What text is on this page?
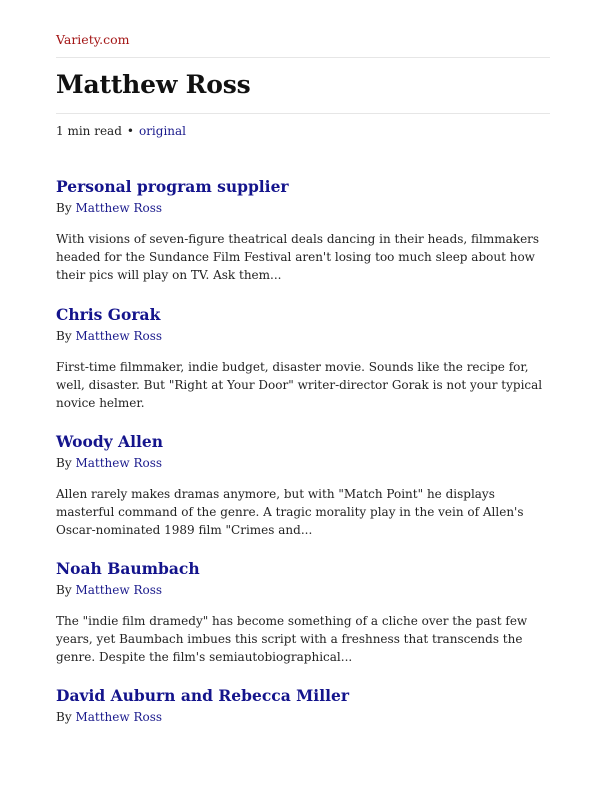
Variety.com
Matthew Ross
1 min read • original
Personal program supplier
By Matthew Ross
With visions of seven-figure theatrical deals dancing in their heads, filmmakers headed for the Sundance Film Festival aren't losing too much sleep about how their pics will play on TV. Ask them...
Chris Gorak
By Matthew Ross
First-time filmmaker, indie budget, disaster movie. Sounds like the recipe for, well, disaster. But "Right at Your Door" writer-director Gorak is not your typical novice helmer.
Woody Allen
By Matthew Ross
Allen rarely makes dramas anymore, but with "Match Point" he displays masterful command of the genre. A tragic morality play in the vein of Allen's Oscar-nominated 1989 film "Crimes and...
Noah Baumbach
By Matthew Ross
The "indie film dramedy" has become something of a cliche over the past few years, yet Baumbach imbues this script with a freshness that transcends the genre. Despite the film's semiautobiographical...
David Auburn and Rebecca Miller
By Matthew Ross
